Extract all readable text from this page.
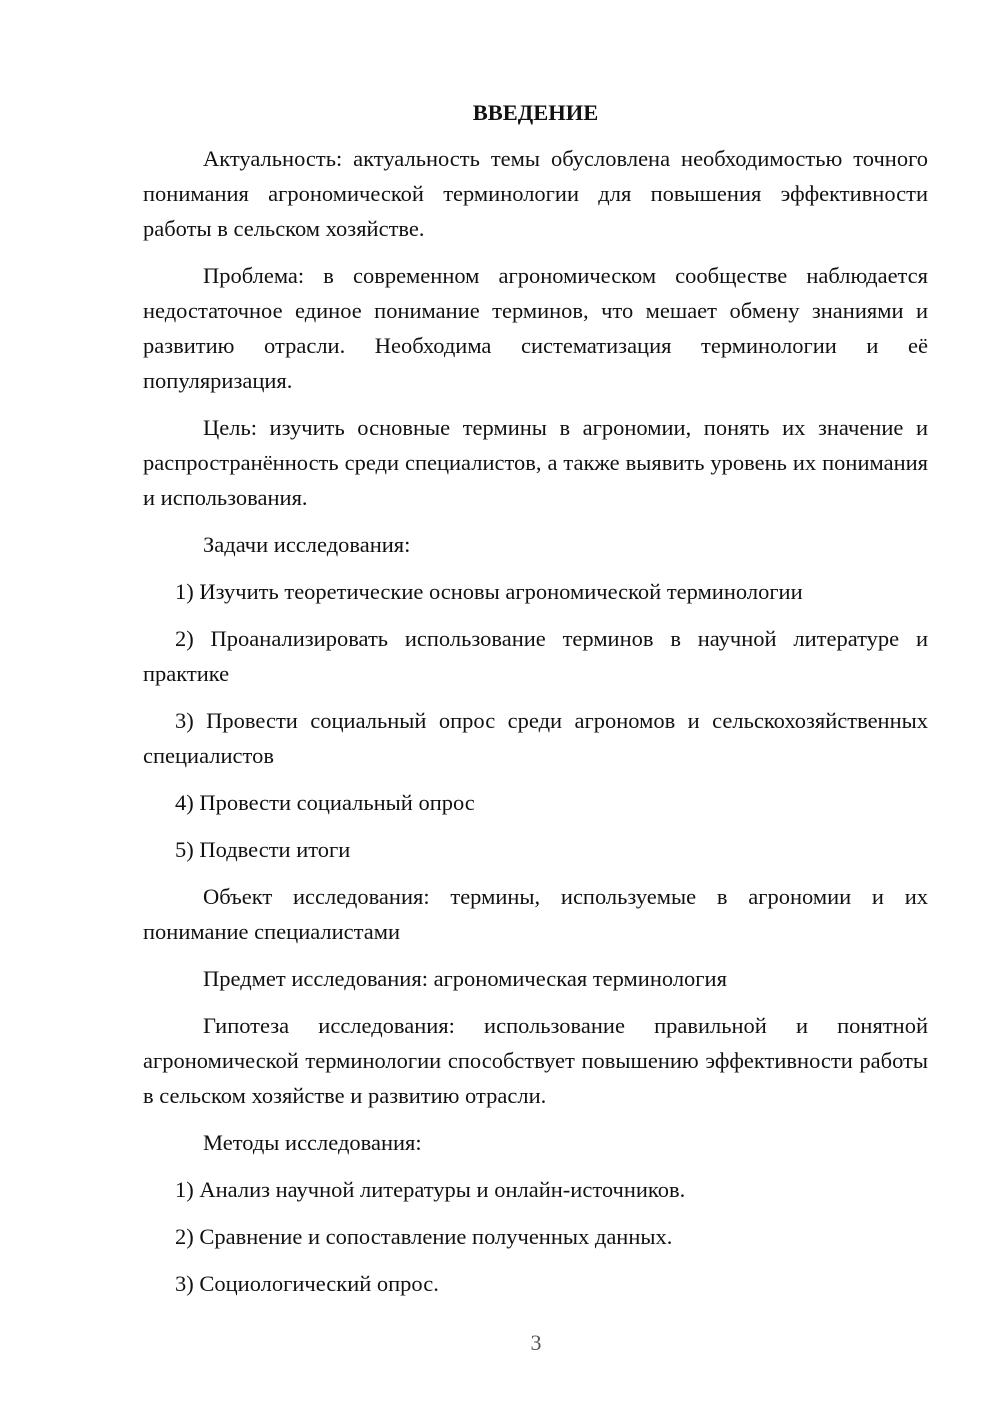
ВВЕДЕНИЕ

Актуальность: актуальность темы обусловлена необходимостью точного понимания агрономической терминологии для повышения эффективности работы в сельском хозяйстве.

Проблема: в современном агрономическом сообществе наблюдается недостаточное единое понимание терминов, что мешает обмену знаниями и развитию отрасли. Необходима систематизация терминологии и её популяризация.

Цель: изучить основные термины в агрономии, понять их значение и распространённость среди специалистов, а также выявить уровень их понимания и использования.

Задачи исследования:

1) Изучить теоретические основы агрономической терминологии

2) Проанализировать использование терминов в научной литературе и практике

3) Провести социальный опрос среди агрономов и сельскохозяйственных специалистов

4) Провести социальный опрос

5) Подвести итоги

Объект исследования: термины, используемые в агрономии и их понимание специалистами

Предмет исследования: агрономическая терминология

Гипотеза исследования: использование правильной и понятной агрономической терминологии способствует повышению эффективности работы в сельском хозяйстве и развитию отрасли.

Методы исследования:

1) Анализ научной литературы и онлайн-источников.

2) Сравнение и сопоставление полученных данных.

3) Социологический опрос.

3
